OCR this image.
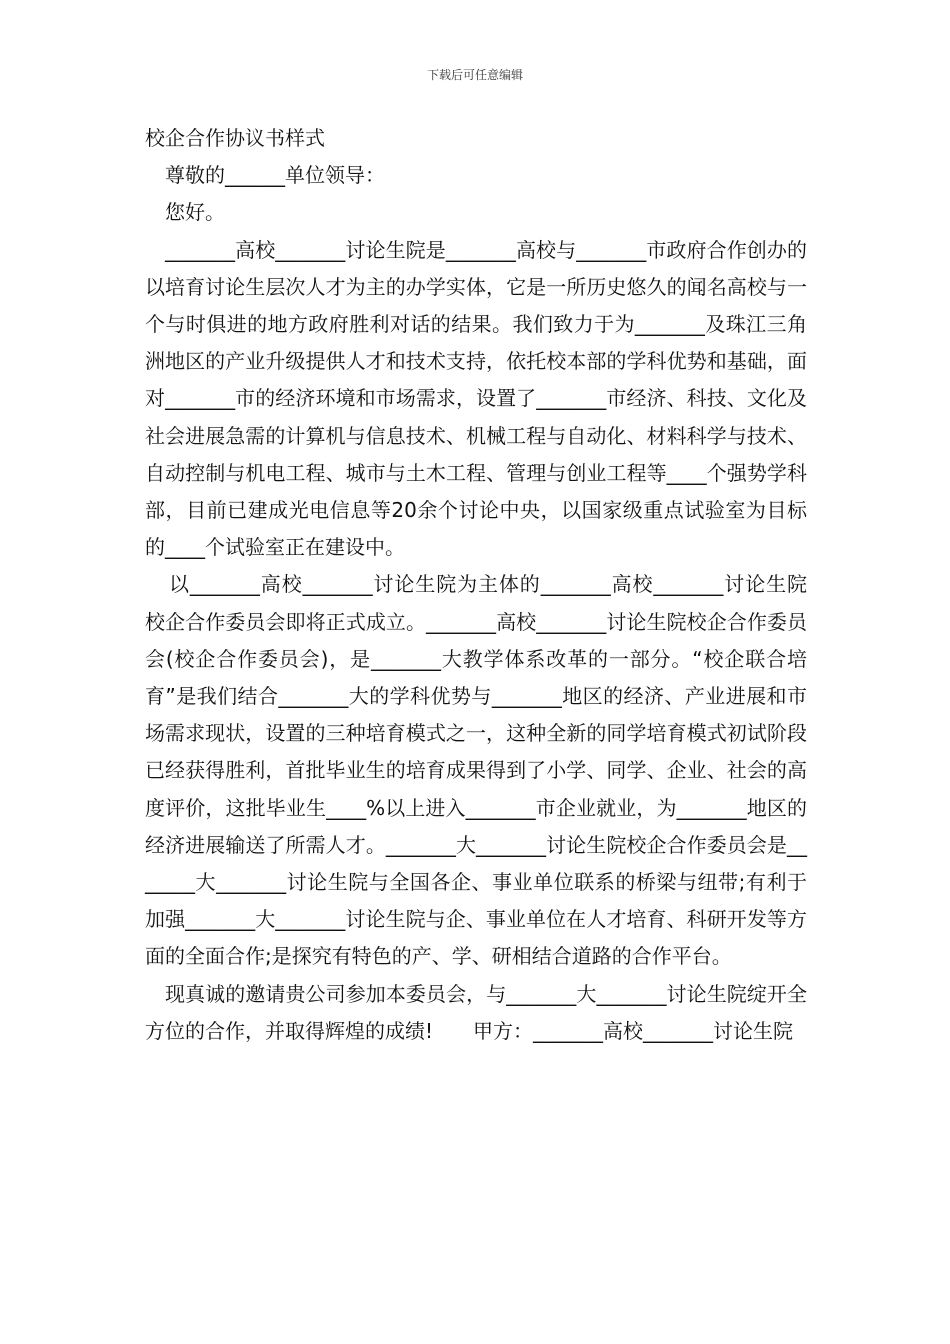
下载后可任意编辑

校企合作协议书样式

尊敬的______单位领导：

您好。

_______高校_______讨论生院是_______高校与_______市政府合作创办的以培育讨论生层次人才为主的办学实体，它是一所历史悠久的闻名高校与一个与时俱进的地方政府胜利对话的结果。我们致力于为_______及珠江三角洲地区的产业升级提供人才和技术支持，依托校本部的学科优势和基础，面对_______市的经济环境和市场需求，设置了_______市经济、科技、文化及社会进展急需的计算机与信息技术、机械工程与自动化、材料科学与技术、自动控制与机电工程、城市与土木工程、管理与创业工程等____个强势学科部，目前已建成光电信息等20余个讨论中央，以国家级重点试验室为目标的____个试验室正在建设中。

以_______高校_______讨论生院为主体的_______高校_______讨论生院校企合作委员会即将正式成立。_______高校_______讨论生院校企合作委员会(校企合作委员会)，是_______大教学体系改革的一部分。“校企联合培育”是我们结合_______大的学科优势与_______地区的经济、产业进展和市场需求现状，设置的三种培育模式之一，这种全新的同学培育模式初试阶段已经获得胜利，首批毕业生的培育成果得到了小学、同学、企业、社会的高度评价，这批毕业生____%以上进入_______市企业就业，为_______地区的经济进展输送了所需人才。_______大_______讨论生院校企合作委员会是_______大_______讨论生院与全国各企、事业单位联系的桥梁与纽带;有利于加强_______大_______讨论生院与企、事业单位在人才培育、科研开发等方面的全面合作;是探究有特色的产、学、研相结合道路的合作平台。

现真诚的邀请贵公司参加本委员会，与_______大_______讨论生院绽开全方位的合作，并取得辉煌的成绩!　　甲方：_______高校_______讨论生院
